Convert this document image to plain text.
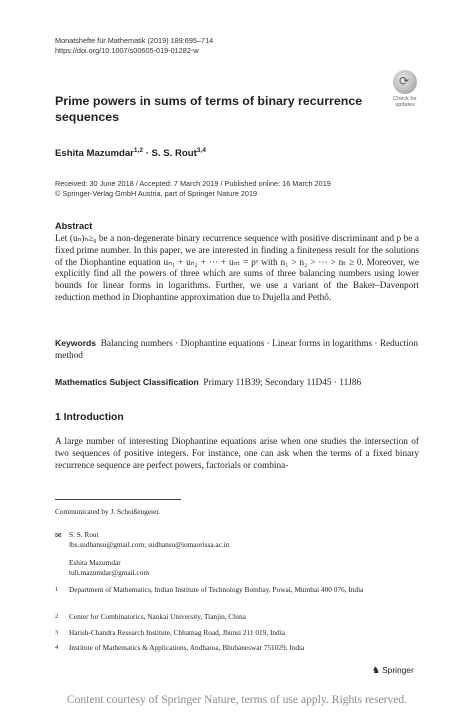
Monatshefte für Mathematik (2019) 189:695–714
https://doi.org/10.1007/s00605-019-01282-w
⟳
Check for
updates
Prime powers in sums of terms of binary recurrence sequences
Eshita Mazumdar$^{1,2}$ · S. S. Rout$^{3,4}$
Received: 30 June 2018 / Accepted: 7 March 2019 / Published online: 16 March 2019
© Springer-Verlag GmbH Austria, part of Springer Nature 2019
Abstract
Let (uₙ)ₙ≥₀ be a non-degenerate binary recurrence sequence with positive discriminant and p be a fixed prime number. In this paper, we are interested in finding a finiteness result for the solutions of the Diophantine equation uₙ₁ + uₙ₂ + ··· + uₙₜ = pᶻ with n₁ > n₂ > ··· > nₜ ≥ 0. Moreover, we explicitly find all the powers of three which are sums of three balancing numbers using lower bounds for linear forms in logarithms. Further, we use a variant of the Baker–Davenport reduction method in Diophantine approximation due to Dujella and Pethő.
Keywords Balancing numbers · Diophantine equations · Linear forms in logarithms · Reduction method
Mathematics Subject Classification Primary 11B39; Secondary 11D45 · 11J86
1 Introduction
A large number of interesting Diophantine equations arise when one studies the intersection of two sequences of positive integers. For instance, one can ask when the terms of a fixed binary recurrence sequence are perfect powers, factorials or combina-
Communicated by J. Schoißengeier.
✉ S. S. Rout
lbs.sudhansu@gmail.com; sudhansu@iomaorissa.ac.in
Eshita Mazumdar
tuli.mazumdar@gmail.com
1 Department of Mathematics, Indian Institute of Technology Bombay, Powai, Mumbai 400 076, India
2 Center for Combinatorics, Nankai University, Tianjin, China
3 Harish-Chandra Research Institute, Chhatnag Road, Jhunsi 211 019, India
4 Institute of Mathematics & Applications, Andharua, Bhubaneswar 751029, India
♞ Springer
Content courtesy of Springer Nature, terms of use apply. Rights reserved.
